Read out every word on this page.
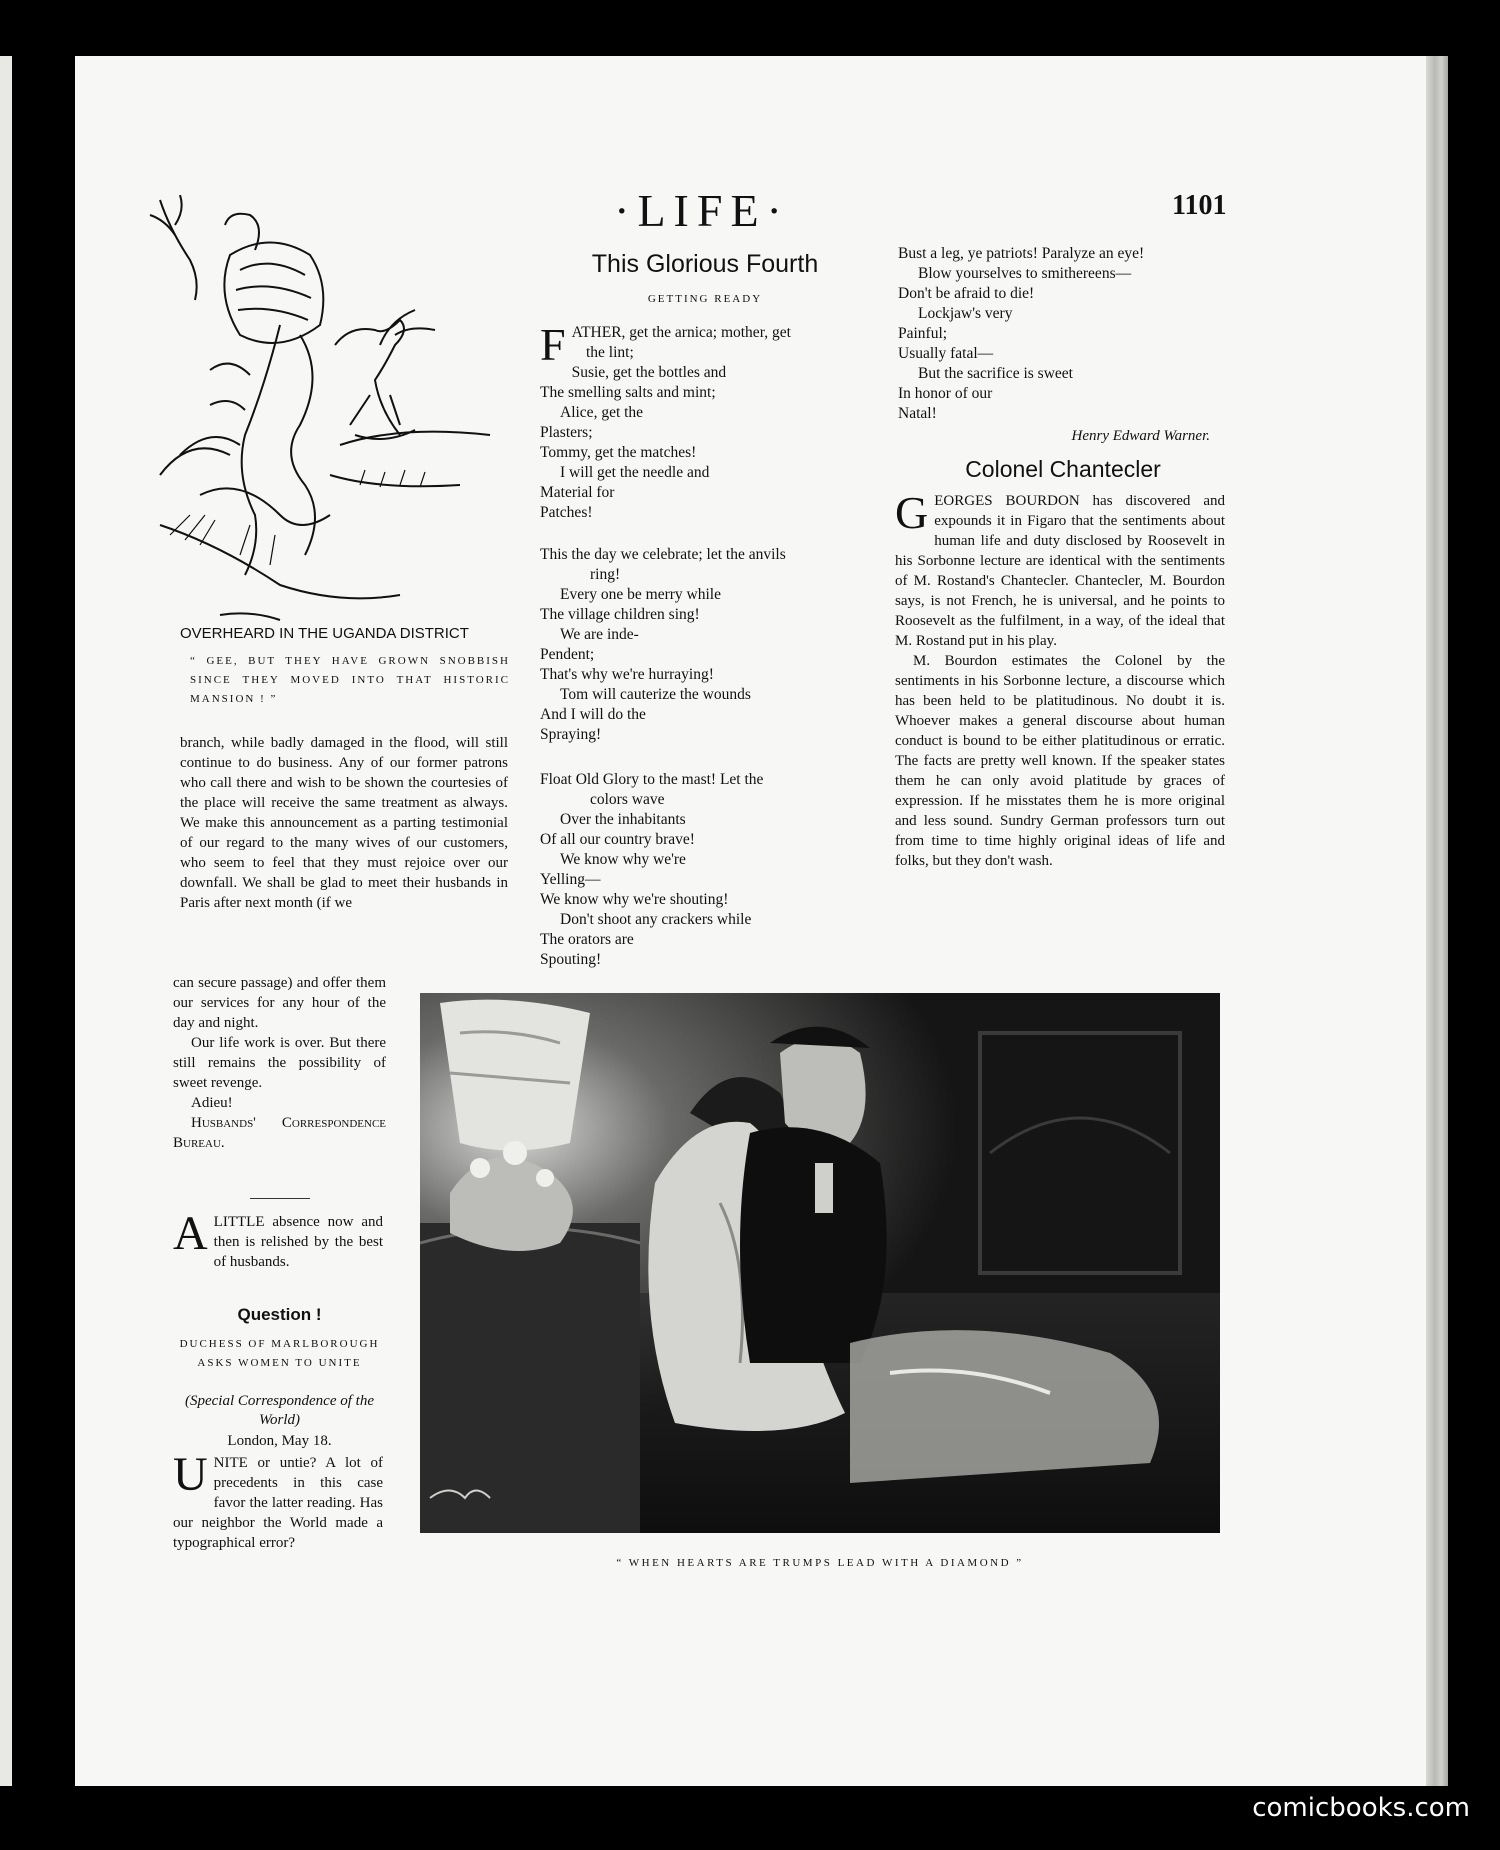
·LIFE·	1101
OVERHEARD IN THE UGANDA DISTRICT
“ GEE, BUT THEY HAVE GROWN SNOBBISH SINCE THEY MOVED INTO THAT HISTORIC MANSION ! ”

branch, while badly damaged in the flood, will still continue to do business. Any of our former patrons who call there and wish to be shown the courtesies of the place will receive the same treatment as always. We make this announcement as a parting testimonial of our regard to the many wives of our customers, who seem to feel that they must rejoice over our downfall. We shall be glad to meet their husbands in Paris after next month (if we

can secure passage) and offer them our services for any hour of the day and night.

Our life work is over. But there still remains the possibility of sweet revenge.

Adieu!

Husbands' Correspondence Bureau.

A LITTLE absence now and then is relished by the best of husbands.
Question !
DUCHESS OF MARLBOROUGH ASKS WOMEN TO UNITE
(Special Correspondence of the World)
London, May 18.
U NITE or untie? A lot of precedents in this case favor the latter reading. Has our neighbor the World made a typographical error?
This Glorious Fourth
GETTING READY
F ATHER, get the arnica; mother, get
the lint;
Susie, get the bottles and
The smelling salts and mint;
Alice, get the
Plasters;
Tommy, get the matches!
I will get the needle and
Material for
Patches!
This the day we celebrate; let the anvils
ring!
Every one be merry while
The village children sing!
We are inde-
Pendent;
That's why we're hurraying!
Tom will cauterize the wounds
And I will do the
Spraying!
Float Old Glory to the mast! Let the
colors wave
Over the inhabitants
Of all our country brave!
We know why we're
Yelling—
We know why we're shouting!
Don't shoot any crackers while
The orators are
Spouting!
Bust a leg, ye patriots! Paralyze an eye!
Blow yourselves to smithereens—
Don't be afraid to die!
Lockjaw's very
Painful;
Usually fatal—
But the sacrifice is sweet
In honor of our
Natal!
Henry Edward Warner.
Colonel Chantecler

G EORGES BOURDON has discovered and expounds it in Figaro that the sentiments about human life and duty disclosed by Roosevelt in his Sorbonne lecture are identical with the sentiments of M. Rostand's Chantecler. Chantecler, M. Bourdon says, is not French, he is universal, and he points to Roosevelt as the fulfilment, in a way, of the ideal that M. Rostand put in his play.

M. Bourdon estimates the Colonel by the sentiments in his Sorbonne lecture, a discourse which has been held to be platitudinous. No doubt it is. Whoever makes a general discourse about human conduct is bound to be either platitudinous or erratic. The facts are pretty well known. If the speaker states them he can only avoid platitude by graces of expression. If he misstates them he is more original and less sound. Sundry German professors turn out from time to time highly original ideas of life and folks, but they don't wash.

“ WHEN HEARTS ARE TRUMPS LEAD WITH A DIAMOND ”
comicbooks.com
